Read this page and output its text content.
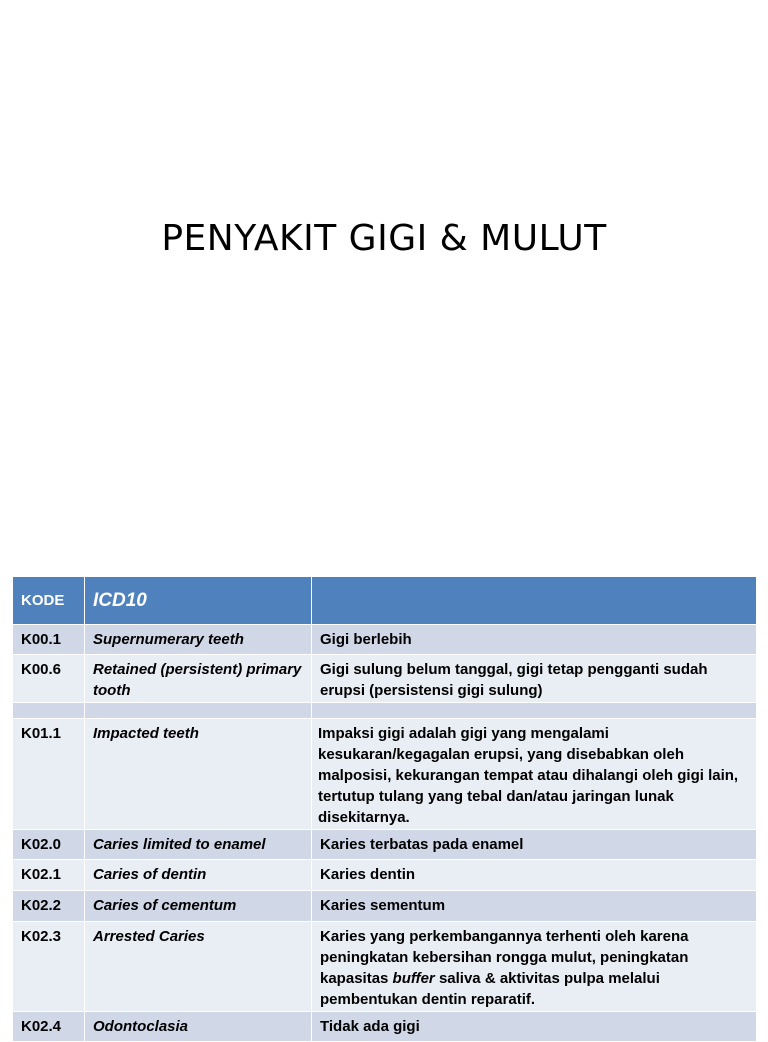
PENYAKIT GIGI & MULUT
KODE	ICD10	
K00.1	Supernumerary teeth	Gigi berlebih
K00.6	Retained (persistent) primary tooth	Gigi sulung belum tanggal, gigi tetap pengganti sudah erupsi (persistensi gigi sulung)

K01.1	Impacted teeth	Impaksi gigi adalah gigi yang mengalami kesukaran/kegagalan erupsi, yang disebabkan oleh malposisi, kekurangan tempat atau dihalangi oleh gigi lain, tertutup tulang yang tebal dan/atau jaringan lunak disekitarnya.
K02.0	Caries limited to enamel	Karies terbatas pada enamel
K02.1	Caries of dentin	Karies dentin
K02.2	Caries of cementum	Karies sementum
K02.3	Arrested Caries	Karies yang perkembangannya terhenti oleh karena peningkatan kebersihan rongga mulut, peningkatan kapasitas buffer saliva & aktivitas pulpa melalui pembentukan dentin reparatif.
K02.4	Odontoclasia	Tidak ada gigi
